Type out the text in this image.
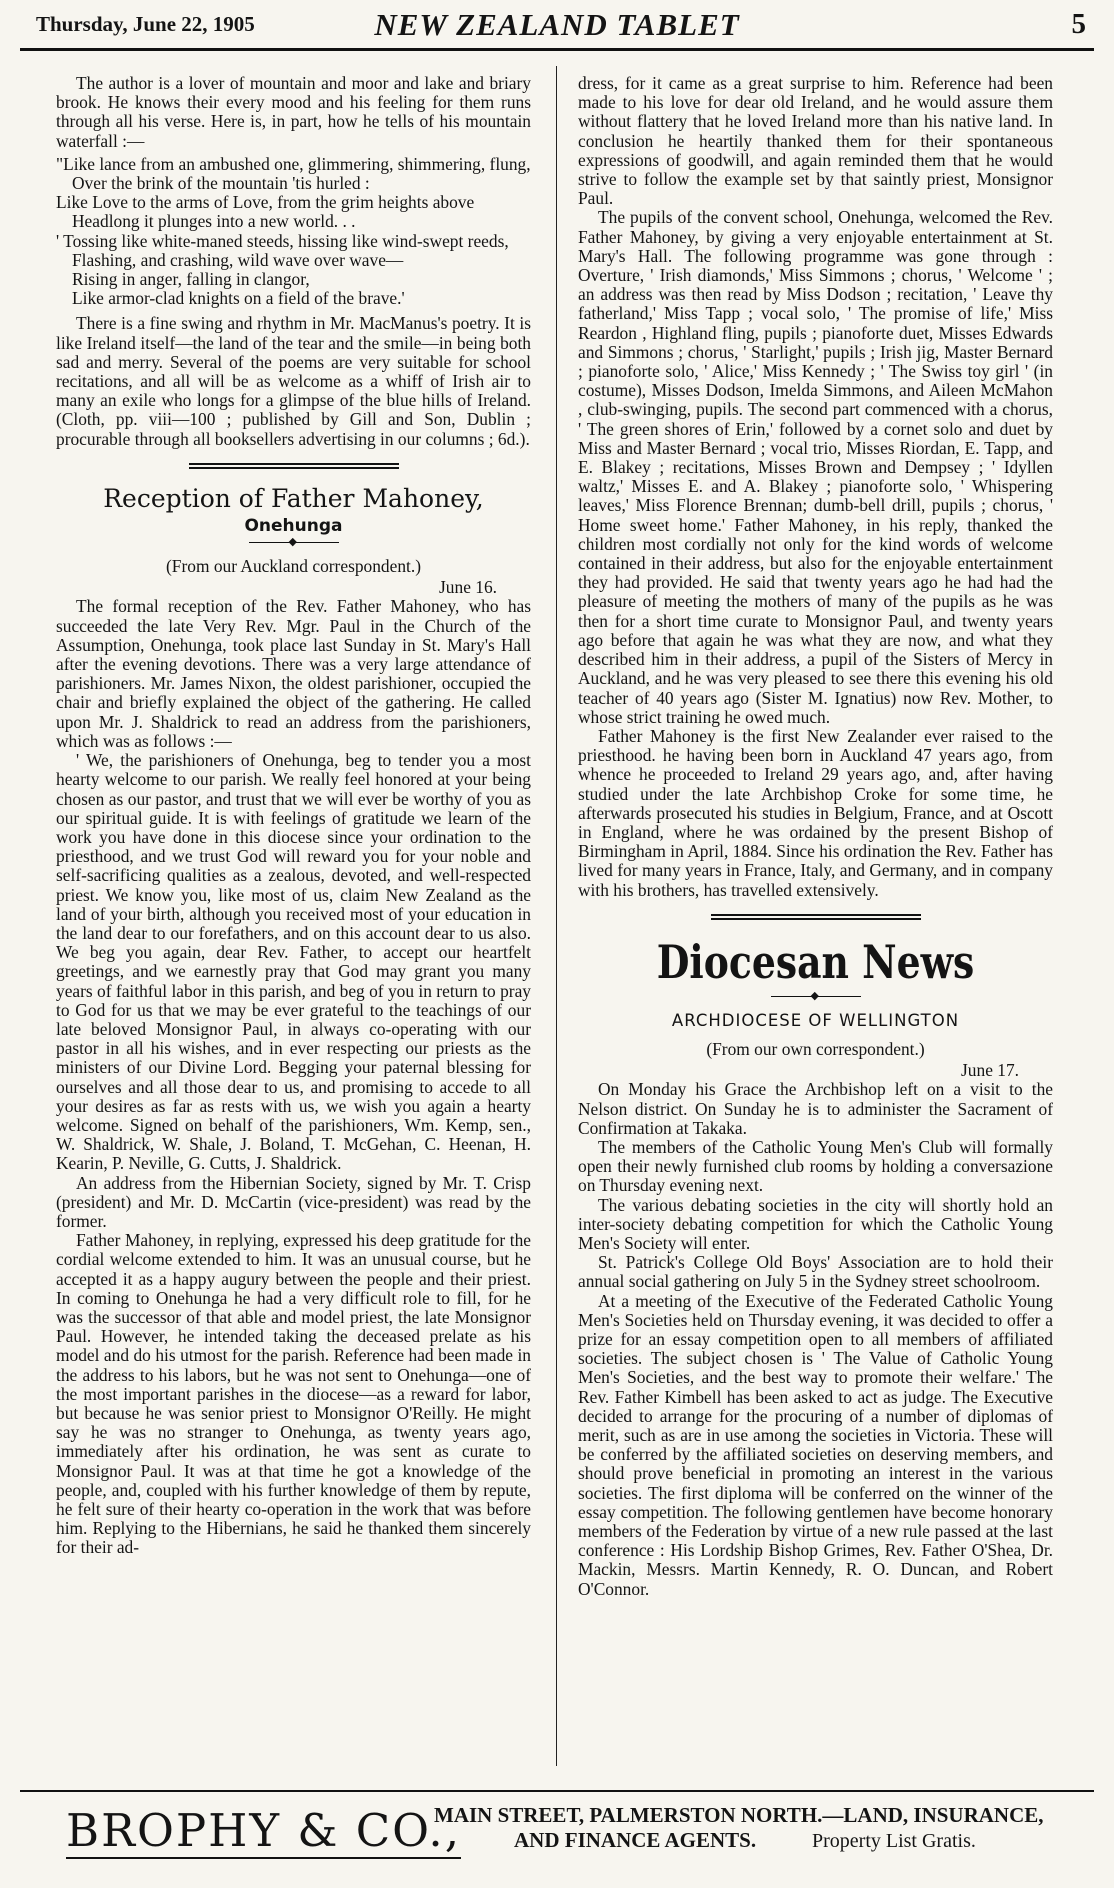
Thursday, June 22, 1905	NEW ZEALAND TABLET	5

The author is a lover of mountain and moor and lake and briary brook. He knows their every mood and his feeling for them runs through all his verse. Here is, in part, how he tells of his mountain waterfall :—

"Like lance from an ambushed one, glimmering, shimmering, flung,

Over the brink of the mountain 'tis hurled :

Like Love to the arms of Love, from the grim heights above

Headlong it plunges into a new world. . .

' Tossing like white-maned steeds, hissing like wind-swept reeds,

Flashing, and crashing, wild wave over wave—

Rising in anger, falling in clangor,

Like armor-clad knights on a field of the brave.'

There is a fine swing and rhythm in Mr. MacManus's poetry. It is like Ireland itself—the land of the tear and the smile—in being both sad and merry. Several of the poems are very suitable for school recitations, and all will be as welcome as a whiff of Irish air to many an exile who longs for a glimpse of the blue hills of Ireland. (Cloth, pp. viii—100 ; published by Gill and Son, Dublin ; procurable through all booksellers advertising in our columns ; 6d.).

Reception of Father Mahoney,
Onehunga
◆

(From our Auckland correspondent.)

June 16.

The formal reception of the Rev. Father Mahoney, who has succeeded the late Very Rev. Mgr. Paul in the Church of the Assumption, Onehunga, took place last Sunday in St. Mary's Hall after the evening devotions. There was a very large attendance of parishioners. Mr. James Nixon, the oldest parishioner, occupied the chair and briefly explained the object of the gathering. He called upon Mr. J. Shaldrick to read an address from the parishioners, which was as follows :—

' We, the parishioners of Onehunga, beg to tender you a most hearty welcome to our parish. We really feel honored at your being chosen as our pastor, and trust that we will ever be worthy of you as our spiritual guide. It is with feelings of gratitude we learn of the work you have done in this diocese since your ordination to the priesthood, and we trust God will reward you for your noble and self-sacrificing qualities as a zealous, devoted, and well-respected priest. We know you, like most of us, claim New Zealand as the land of your birth, although you received most of your education in the land dear to our forefathers, and on this account dear to us also. We beg you again, dear Rev. Father, to accept our heartfelt greetings, and we earnestly pray that God may grant you many years of faithful labor in this parish, and beg of you in return to pray to God for us that we may be ever grateful to the teachings of our late beloved Monsignor Paul, in always co-operating with our pastor in all his wishes, and in ever respecting our priests as the ministers of our Divine Lord. Begging your paternal blessing for ourselves and all those dear to us, and promising to accede to all your desires as far as rests with us, we wish you again a hearty welcome. Signed on behalf of the parishioners, Wm. Kemp, sen., W. Shaldrick, W. Shale, J. Boland, T. McGehan, C. Heenan, H. Kearin, P. Neville, G. Cutts, J. Shaldrick.

An address from the Hibernian Society, signed by Mr. T. Crisp (president) and Mr. D. McCartin (vice-president) was read by the former.

Father Mahoney, in replying, expressed his deep gratitude for the cordial welcome extended to him. It was an unusual course, but he accepted it as a happy augury between the people and their priest. In coming to Onehunga he had a very difficult role to fill, for he was the successor of that able and model priest, the late Monsignor Paul. However, he intended taking the deceased prelate as his model and do his utmost for the parish. Reference had been made in the address to his labors, but he was not sent to Onehunga—one of the most important parishes in the diocese—as a reward for labor, but because he was senior priest to Monsignor O'Reilly. He might say he was no stranger to Onehunga, as twenty years ago, immediately after his ordination, he was sent as curate to Monsignor Paul. It was at that time he got a knowledge of the people, and, coupled with his further knowledge of them by repute, he felt sure of their hearty co-operation in the work that was before him. Replying to the Hibernians, he said he thanked them sincerely for their ad-

dress, for it came as a great surprise to him. Reference had been made to his love for dear old Ireland, and he would assure them without flattery that he loved Ireland more than his native land. In conclusion he heartily thanked them for their spontaneous expressions of goodwill, and again reminded them that he would strive to follow the example set by that saintly priest, Monsignor Paul.

The pupils of the convent school, Onehunga, welcomed the Rev. Father Mahoney, by giving a very enjoyable entertainment at St. Mary's Hall. The following programme was gone through : Overture, ' Irish diamonds,' Miss Simmons ; chorus, ' Welcome ' ; an address was then read by Miss Dodson ; recitation, ' Leave thy fatherland,' Miss Tapp ; vocal solo, ' The promise of life,' Miss Reardon , Highland fling, pupils ; pianoforte duet, Misses Edwards and Simmons ; chorus, ' Starlight,' pupils ; Irish jig, Master Bernard ; pianoforte solo, ' Alice,' Miss Kennedy ; ' The Swiss toy girl ' (in costume), Misses Dodson, Imelda Simmons, and Aileen McMahon , club-swinging, pupils. The second part commenced with a chorus, ' The green shores of Erin,' followed by a cornet solo and duet by Miss and Master Bernard ; vocal trio, Misses Riordan, E. Tapp, and E. Blakey ; recitations, Misses Brown and Dempsey ; ' Idyllen waltz,' Misses E. and A. Blakey ; pianoforte solo, ' Whispering leaves,' Miss Florence Brennan; dumb-bell drill, pupils ; chorus, ' Home sweet home.' Father Mahoney, in his reply, thanked the children most cordially not only for the kind words of welcome contained in their address, but also for the enjoyable entertainment they had provided. He said that twenty years ago he had had the pleasure of meeting the mothers of many of the pupils as he was then for a short time curate to Monsignor Paul, and twenty years ago before that again he was what they are now, and what they described him in their address, a pupil of the Sisters of Mercy in Auckland, and he was very pleased to see there this evening his old teacher of 40 years ago (Sister M. Ignatius) now Rev. Mother, to whose strict training he owed much.

Father Mahoney is the first New Zealander ever raised to the priesthood. he having been born in Auckland 47 years ago, from whence he proceeded to Ireland 29 years ago, and, after having studied under the late Archbishop Croke for some time, he afterwards prosecuted his studies in Belgium, France, and at Oscott in England, where he was ordained by the present Bishop of Birmingham in April, 1884. Since his ordination the Rev. Father has lived for many years in France, Italy, and Germany, and in company with his brothers, has travelled extensively.

Diocesan News
◆
ARCHDIOCESE OF WELLINGTON

(From our own correspondent.)

June 17.

On Monday his Grace the Archbishop left on a visit to the Nelson district. On Sunday he is to administer the Sacrament of Confirmation at Takaka.

The members of the Catholic Young Men's Club will formally open their newly furnished club rooms by holding a conversazione on Thursday evening next.

The various debating societies in the city will shortly hold an inter-society debating competition for which the Catholic Young Men's Society will enter.

St. Patrick's College Old Boys' Association are to hold their annual social gathering on July 5 in the Sydney street schoolroom.

At a meeting of the Executive of the Federated Catholic Young Men's Societies held on Thursday evening, it was decided to offer a prize for an essay competition open to all members of affiliated societies. The subject chosen is ' The Value of Catholic Young Men's Societies, and the best way to promote their welfare.' The Rev. Father Kimbell has been asked to act as judge. The Executive decided to arrange for the procuring of a number of diplomas of merit, such as are in use among the societies in Victoria. These will be conferred by the affiliated societies on deserving members, and should prove beneficial in promoting an interest in the various societies. The first diploma will be conferred on the winner of the essay competition. The following gentlemen have become honorary members of the Federation by virtue of a new rule passed at the last conference : His Lordship Bishop Grimes, Rev. Father O'Shea, Dr. Mackin, Messrs. Martin Kennedy, R. O. Duncan, and Robert O'Connor.

BROPHY & CO.,
MAIN STREET, PALMERSTON NORTH.—LAND, INSURANCE,
AND FINANCE AGENTS.	Property List Gratis.
